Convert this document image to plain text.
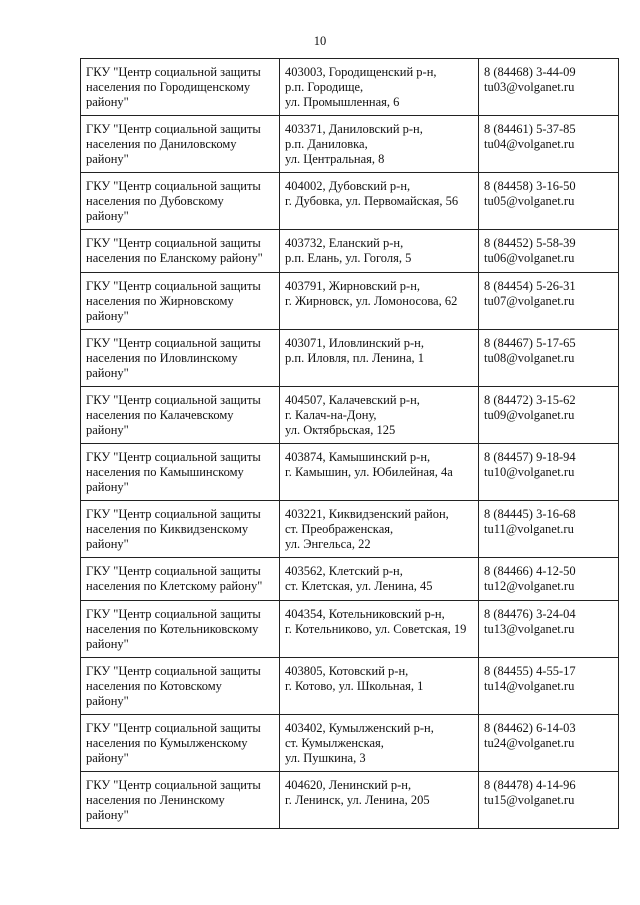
10
ГКУ "Центр социальной защиты
населения по Городищенскому
району"	403003, Городищенский р-н,
р.п. Городище,
ул. Промышленная, 6	8 (84468) 3-44-09
tu03@volganet.ru

ГКУ "Центр социальной защиты
населения по Даниловскому
району"	403371, Даниловский р-н,
р.п. Даниловка,
ул. Центральная, 8	8 (84461) 5-37-85
tu04@volganet.ru

ГКУ "Центр социальной защиты
населения по Дубовскому
району"	404002, Дубовский р-н,
г. Дубовка, ул. Первомайская, 56	8 (84458) 3-16-50
tu05@volganet.ru

ГКУ "Центр социальной защиты
населения по Еланскому району"	403732, Еланский р-н,
р.п. Елань, ул. Гоголя, 5	8 (84452) 5-58-39
tu06@volganet.ru

ГКУ "Центр социальной защиты
населения по Жирновскому
району"	403791, Жирновский р-н,
г. Жирновск, ул. Ломоносова, 62	8 (84454) 5-26-31
tu07@volganet.ru

ГКУ "Центр социальной защиты
населения по Иловлинскому
району"	403071, Иловлинский р-н,
р.п. Иловля, пл. Ленина, 1	8 (84467) 5-17-65
tu08@volganet.ru

ГКУ "Центр социальной защиты
населения по Калачевскому
району"	404507, Калачевский р-н,
г. Калач-на-Дону,
ул. Октябрьская, 125	8 (84472) 3-15-62
tu09@volganet.ru

ГКУ "Центр социальной защиты
населения по Камышинскому
району"	403874, Камышинский р-н,
г. Камышин, ул. Юбилейная, 4а	8 (84457) 9-18-94
tu10@volganet.ru

ГКУ "Центр социальной защиты
населения по Киквидзенскому
району"	403221, Киквидзенский район,
ст. Преображенская,
ул. Энгельса, 22	8 (84445) 3-16-68
tu11@volganet.ru

ГКУ "Центр социальной защиты
населения по Клетскому району"	403562, Клетский р-н,
ст. Клетская, ул. Ленина, 45	8 (84466) 4-12-50
tu12@volganet.ru

ГКУ "Центр социальной защиты
населения по Котельниковскому
району"	404354, Котельниковский р-н,
г. Котельниково, ул. Советская, 19	8 (84476) 3-24-04
tu13@volganet.ru

ГКУ "Центр социальной защиты
населения по Котовскому
району"	403805, Котовский р-н,
г. Котово, ул. Школьная, 1	8 (84455) 4-55-17
tu14@volganet.ru

ГКУ "Центр социальной защиты
населения по Кумылженскому
району"	403402, Кумылженский р-н,
ст. Кумылженская,
ул. Пушкина, 3	8 (84462) 6-14-03
tu24@volganet.ru

ГКУ "Центр социальной защиты
населения по Ленинскому
району"	404620, Ленинский р-н,
г. Ленинск, ул. Ленина, 205	8 (84478) 4-14-96
tu15@volganet.ru
